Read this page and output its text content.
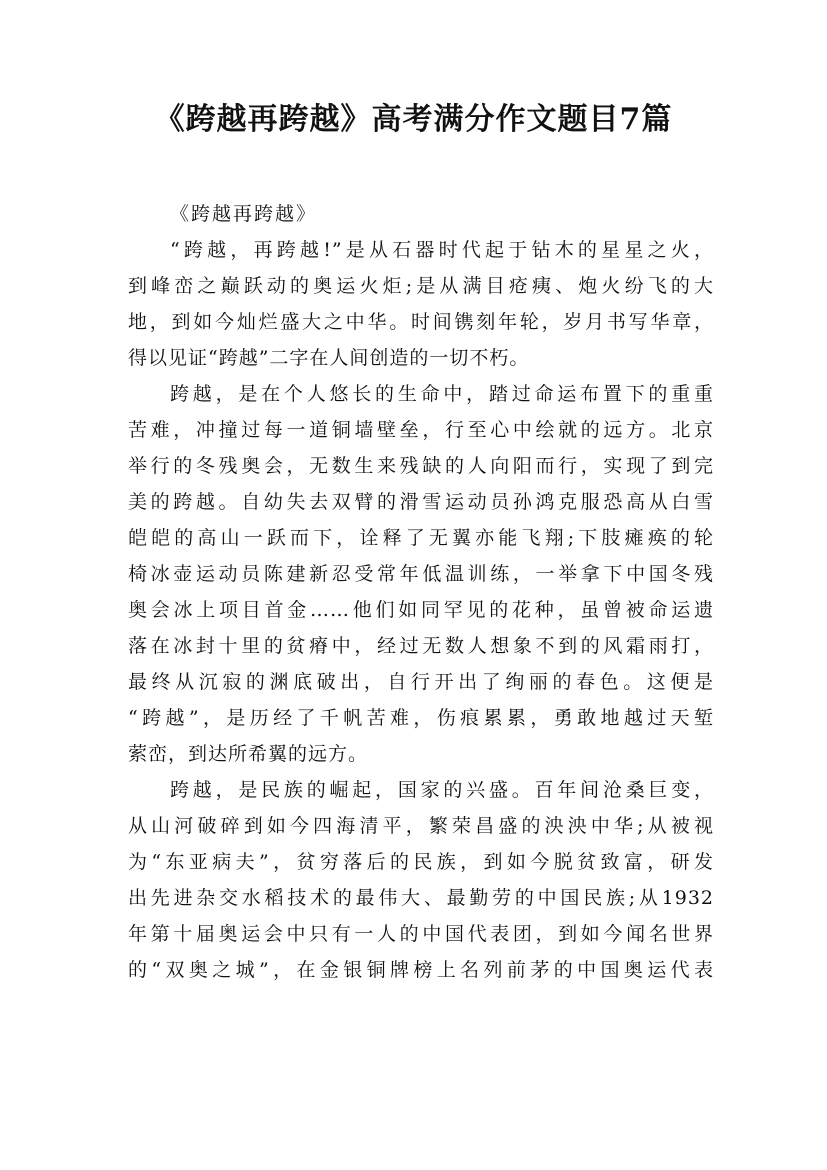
《跨越再跨越》高考满分作文题目7篇

《跨越再跨越》

“跨越，再跨越!”是从石器时代起于钻木的星星之火，
到峰峦之巅跃动的奥运火炬;是从满目疮痍、炮火纷飞的大
地，到如今灿烂盛大之中华。时间镌刻年轮，岁月书写华章，
得以见证“跨越”二字在人间创造的一切不朽。

跨越，是在个人悠长的生命中，踏过命运布置下的重重
苦难，冲撞过每一道铜墙壁垒，行至心中绘就的远方。北京
举行的冬残奥会，无数生来残缺的人向阳而行，实现了到完
美的跨越。自幼失去双臂的滑雪运动员孙鸿克服恐高从白雪
皑皑的高山一跃而下，诠释了无翼亦能飞翔;下肢瘫痪的轮
椅冰壶运动员陈建新忍受常年低温训练，一举拿下中国冬残
奥会冰上项目首金……他们如同罕见的花种，虽曾被命运遗
落在冰封十里的贫瘠中，经过无数人想象不到的风霜雨打，
最终从沉寂的渊底破出，自行开出了绚丽的春色。这便是
“跨越”，是历经了千帆苦难，伤痕累累，勇敢地越过天堑
萦峦，到达所希翼的远方。

跨越，是民族的崛起，国家的兴盛。百年间沧桑巨变，
从山河破碎到如今四海清平，繁荣昌盛的泱泱中华;从被视
为“东亚病夫”，贫穷落后的民族，到如今脱贫致富，研发
出先进杂交水稻技术的最伟大、最勤劳的中国民族;从1932
年第十届奥运会中只有一人的中国代表团，到如今闻名世界
的“双奥之城”，在金银铜牌榜上名列前茅的中国奥运代表
